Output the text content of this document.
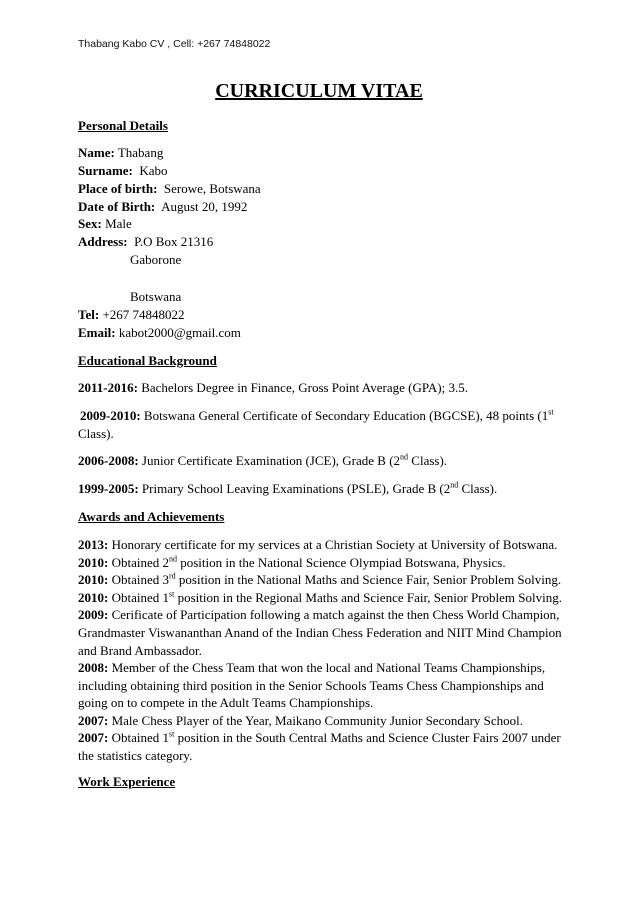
Thabang Kabo CV , Cell: +267 74848022
CURRICULUM VITAE
Personal Details
Name: Thabang
Surname: Kabo
Place of birth: Serowe, Botswana
Date of Birth: August 20, 1992
Sex: Male
Address: P.O Box 21316
Gaborone
Botswana
Tel: +267 74848022
Email: kabot2000@gmail.com
Educational Background
2011-2016: Bachelors Degree in Finance, Gross Point Average (GPA); 3.5.
2009-2010: Botswana General Certificate of Secondary Education (BGCSE), 48 points (1st
Class).
2006-2008: Junior Certificate Examination (JCE), Grade B (2nd Class).
1999-2005: Primary School Leaving Examinations (PSLE), Grade B (2nd Class).
Awards and Achievements
2013: Honorary certificate for my services at a Christian Society at University of Botswana.
2010: Obtained 2nd position in the National Science Olympiad Botswana, Physics.
2010: Obtained 3rd position in the National Maths and Science Fair, Senior Problem Solving.
2010: Obtained 1st position in the Regional Maths and Science Fair, Senior Problem Solving.
2009: Cerificate of Participation following a match against the then Chess World Champion,
Grandmaster Viswananthan Anand of the Indian Chess Federation and NIIT Mind Champion
and Brand Ambassador.
2008: Member of the Chess Team that won the local and National Teams Championships,
including obtaining third position in the Senior Schools Teams Chess Championships and
going on to compete in the Adult Teams Championships.
2007: Male Chess Player of the Year, Maikano Community Junior Secondary School.
2007: Obtained 1st position in the South Central Maths and Science Cluster Fairs 2007 under
the statistics category.
Work Experience
